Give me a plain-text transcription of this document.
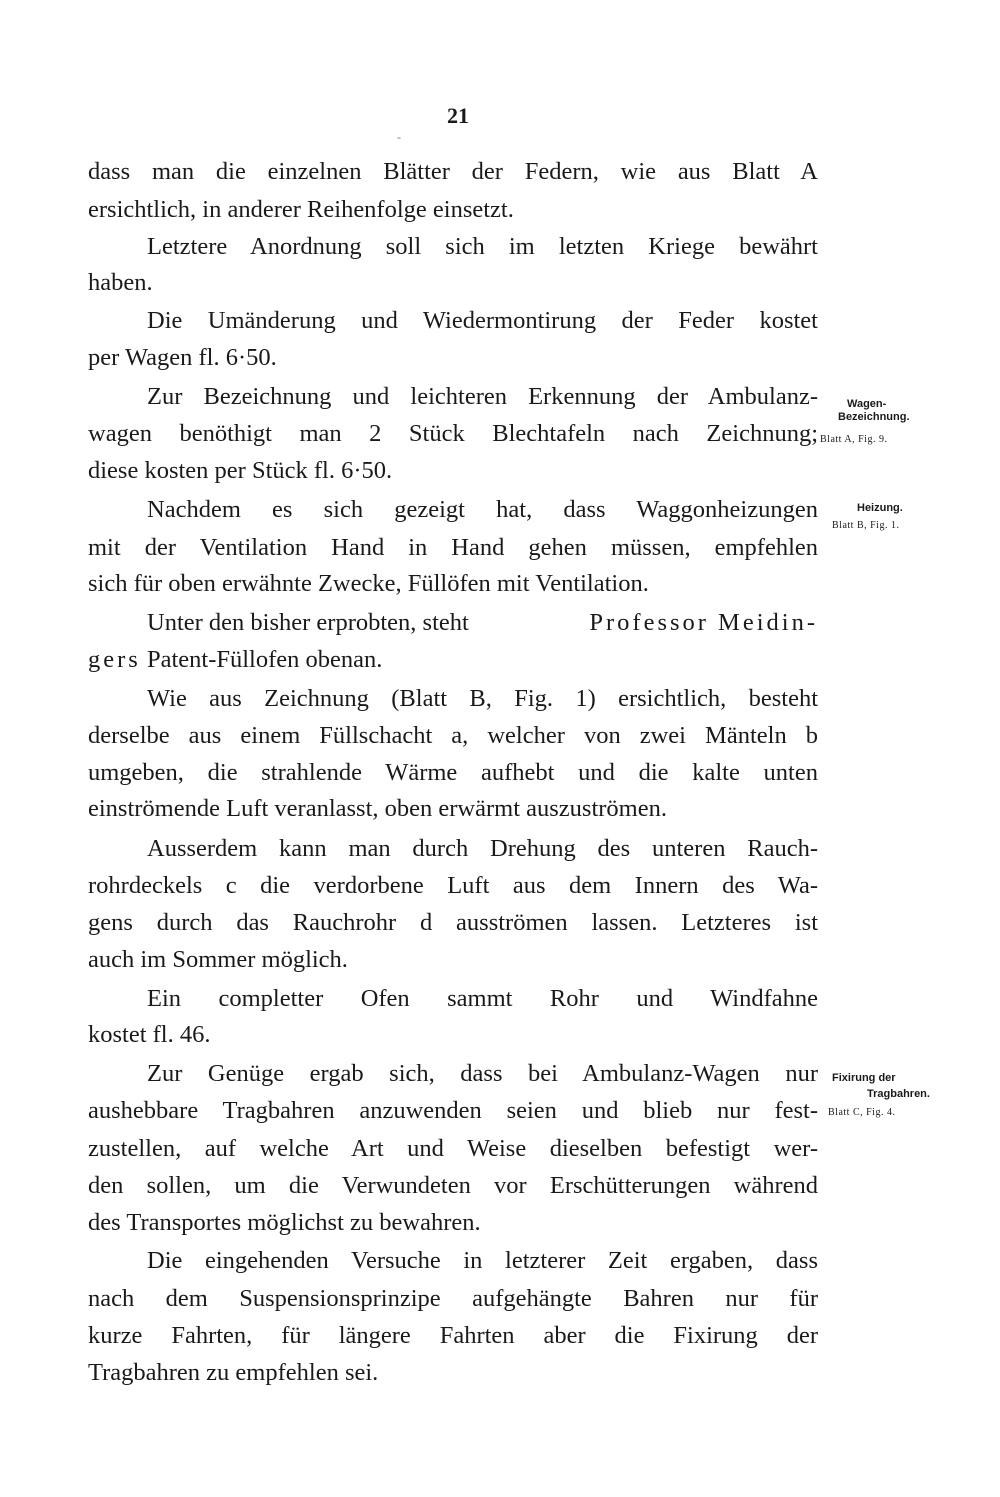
21
-
dass man die einzelnen Blätter der Federn, wie aus Blatt A
ersichtlich, in anderer Reihenfolge einsetzt.
Letztere Anordnung soll sich im letzten Kriege bewährt
haben.
Die Umänderung und Wiedermontirung der Feder kostet
per Wagen fl. 6·50.
Zur Bezeichnung und leichteren Erkennung der Ambulanz-
wagen benöthigt man 2 Stück Blechtafeln nach Zeichnung;
diese kosten per Stück fl. 6·50.
Nachdem es sich gezeigt hat, dass Waggonheizungen
mit der Ventilation Hand in Hand gehen müssen, empfehlen
sich für oben erwähnte Zwecke, Füllöfen mit Ventilation.
Unter den bisher erprobten, steht	Professor Meidin-
gers Patent-Füllofen obenan.
Wie aus Zeichnung (Blatt B, Fig. 1) ersichtlich, besteht
derselbe aus einem Füllschacht a, welcher von zwei Mänteln b
umgeben, die strahlende Wärme aufhebt und die kalte unten
einströmende Luft veranlasst, oben erwärmt auszuströmen.
Ausserdem kann man durch Drehung des unteren Rauch-
rohrdeckels c die verdorbene Luft aus dem Innern des Wa-
gens durch das Rauchrohr d ausströmen lassen. Letzteres ist
auch im Sommer möglich.
Ein completter Ofen sammt Rohr und Windfahne
kostet fl. 46.
Zur Genüge ergab sich, dass bei Ambulanz-Wagen nur
aushebbare Tragbahren anzuwenden seien und blieb nur fest-
zustellen, auf welche Art und Weise dieselben befestigt wer-
den sollen, um die Verwundeten vor Erschütterungen während
des Transportes möglichst zu bewahren.
Die eingehenden Versuche in letzterer Zeit ergaben, dass
nach dem Suspensionsprinzipe aufgehängte Bahren nur für
kurze Fahrten, für längere Fahrten aber die Fixirung der
Tragbahren zu empfehlen sei.
Wagen-
Bezeichnung.
Blatt A, Fig. 9.
Heizung.
Blatt B, Fig. 1.
Fixirung der
Tragbahren.
Blatt C, Fig. 4.
